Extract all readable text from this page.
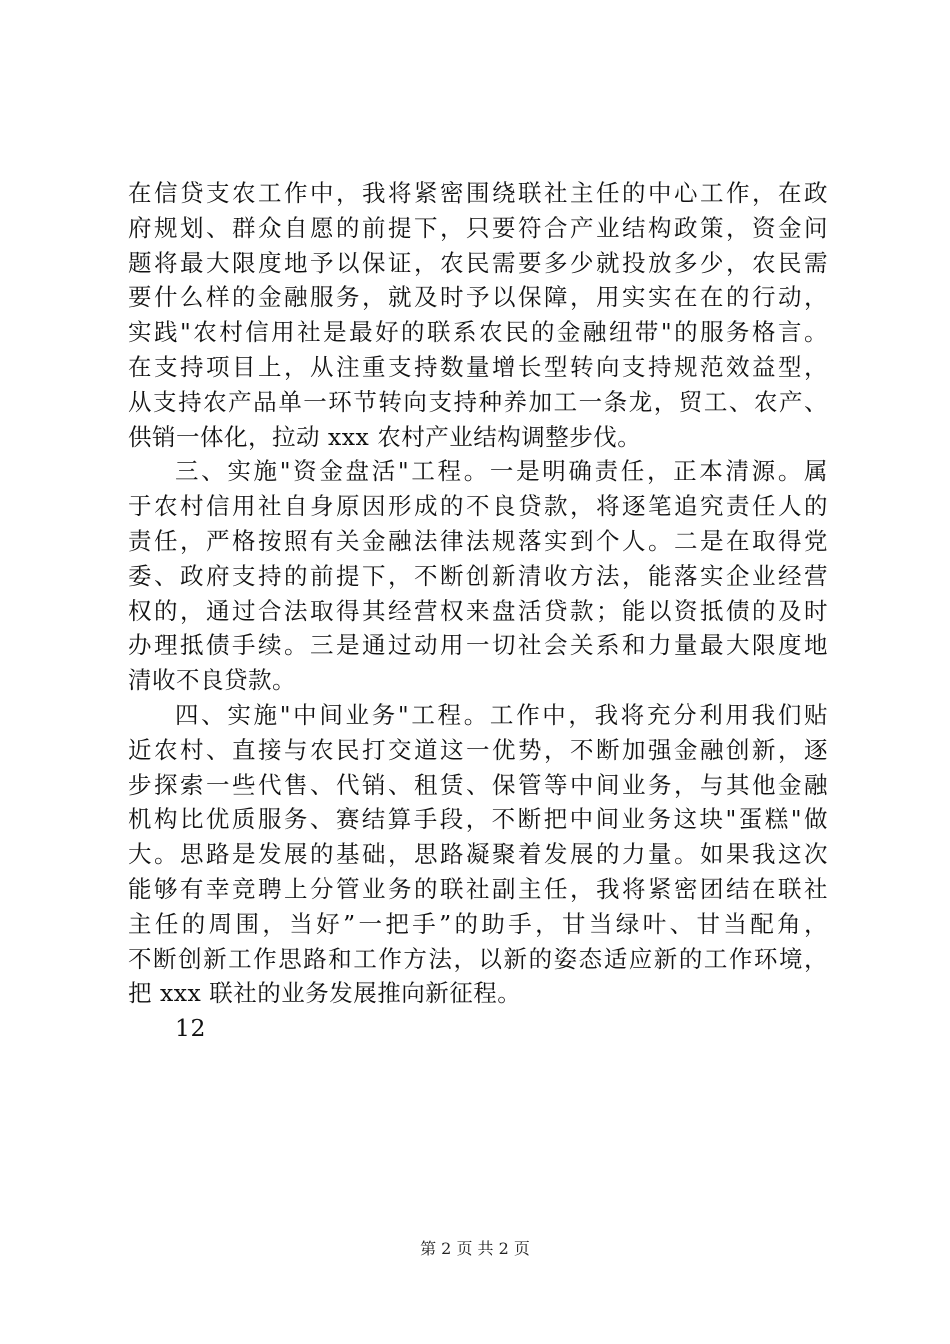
在信贷支农工作中，我将紧密围绕联社主任的中心工作，在政
府规划、群众自愿的前提下，只要符合产业结构政策，资金问
题将最大限度地予以保证，农民需要多少就投放多少，农民需
要什么样的金融服务，就及时予以保障，用实实在在的行动，
实践"农村信用社是最好的联系农民的金融纽带"的服务格言。
在支持项目上，从注重支持数量增长型转向支持规范效益型，
从支持农产品单一环节转向支持种养加工一条龙，贸工、农产、
供销一体化，拉动 xxx 农村产业结构调整步伐。
三、实施"资金盘活"工程。一是明确责任，正本清源。属
于农村信用社自身原因形成的不良贷款，将逐笔追究责任人的
责任，严格按照有关金融法律法规落实到个人。二是在取得党
委、政府支持的前提下，不断创新清收方法，能落实企业经营
权的，通过合法取得其经营权来盘活贷款；能以资抵债的及时
办理抵债手续。三是通过动用一切社会关系和力量最大限度地
清收不良贷款。
四、实施"中间业务"工程。工作中，我将充分利用我们贴
近农村、直接与农民打交道这一优势，不断加强金融创新，逐
步探索一些代售、代销、租赁、保管等中间业务，与其他金融
机构比优质服务、赛结算手段，不断把中间业务这块"蛋糕"做
大。思路是发展的基础，思路凝聚着发展的力量。如果我这次
能够有幸竞聘上分管业务的联社副主任，我将紧密团结在联社
主任的周围，当好”一把手”的助手，甘当绿叶、甘当配角，
不断创新工作思路和工作方法，以新的姿态适应新的工作环境，
把 xxx 联社的业务发展推向新征程。
12
第 2 页 共 2 页
